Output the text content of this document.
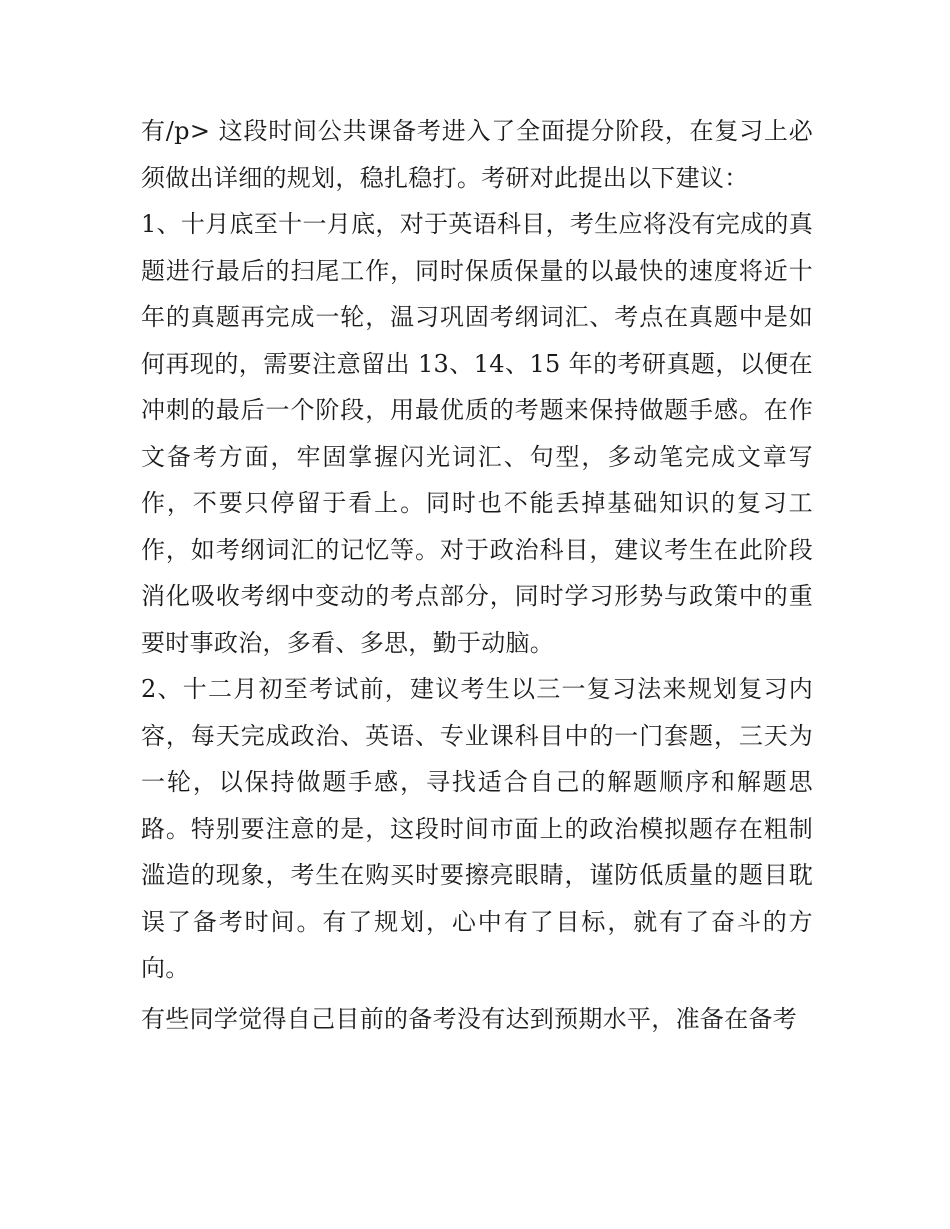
有/p> 这段时间公共课备考进入了全面提分阶段，在复习上必须做出详细的规划，稳扎稳打。考研对此提出以下建议：

1、十月底至十一月底，对于英语科目，考生应将没有完成的真题进行最后的扫尾工作，同时保质保量的以最快的速度将近十年的真题再完成一轮，温习巩固考纲词汇、考点在真题中是如何再现的，需要注意留出 13、14、15 年的考研真题，以便在冲刺的最后一个阶段，用最优质的考题来保持做题手感。在作文备考方面，牢固掌握闪光词汇、句型，多动笔完成文章写作，不要只停留于看上。同时也不能丢掉基础知识的复习工作，如考纲词汇的记忆等。对于政治科目，建议考生在此阶段消化吸收考纲中变动的考点部分，同时学习形势与政策中的重要时事政治，多看、多思，勤于动脑。

2、十二月初至考试前，建议考生以三一复习法来规划复习内容，每天完成政治、英语、专业课科目中的一门套题，三天为一轮，以保持做题手感，寻找适合自己的解题顺序和解题思路。特别要注意的是，这段时间市面上的政治模拟题存在粗制滥造的现象，考生在购买时要擦亮眼睛，谨防低质量的题目耽误了备考时间。有了规划，心中有了目标，就有了奋斗的方向。

有些同学觉得自己目前的备考没有达到预期水平，准备在备考
